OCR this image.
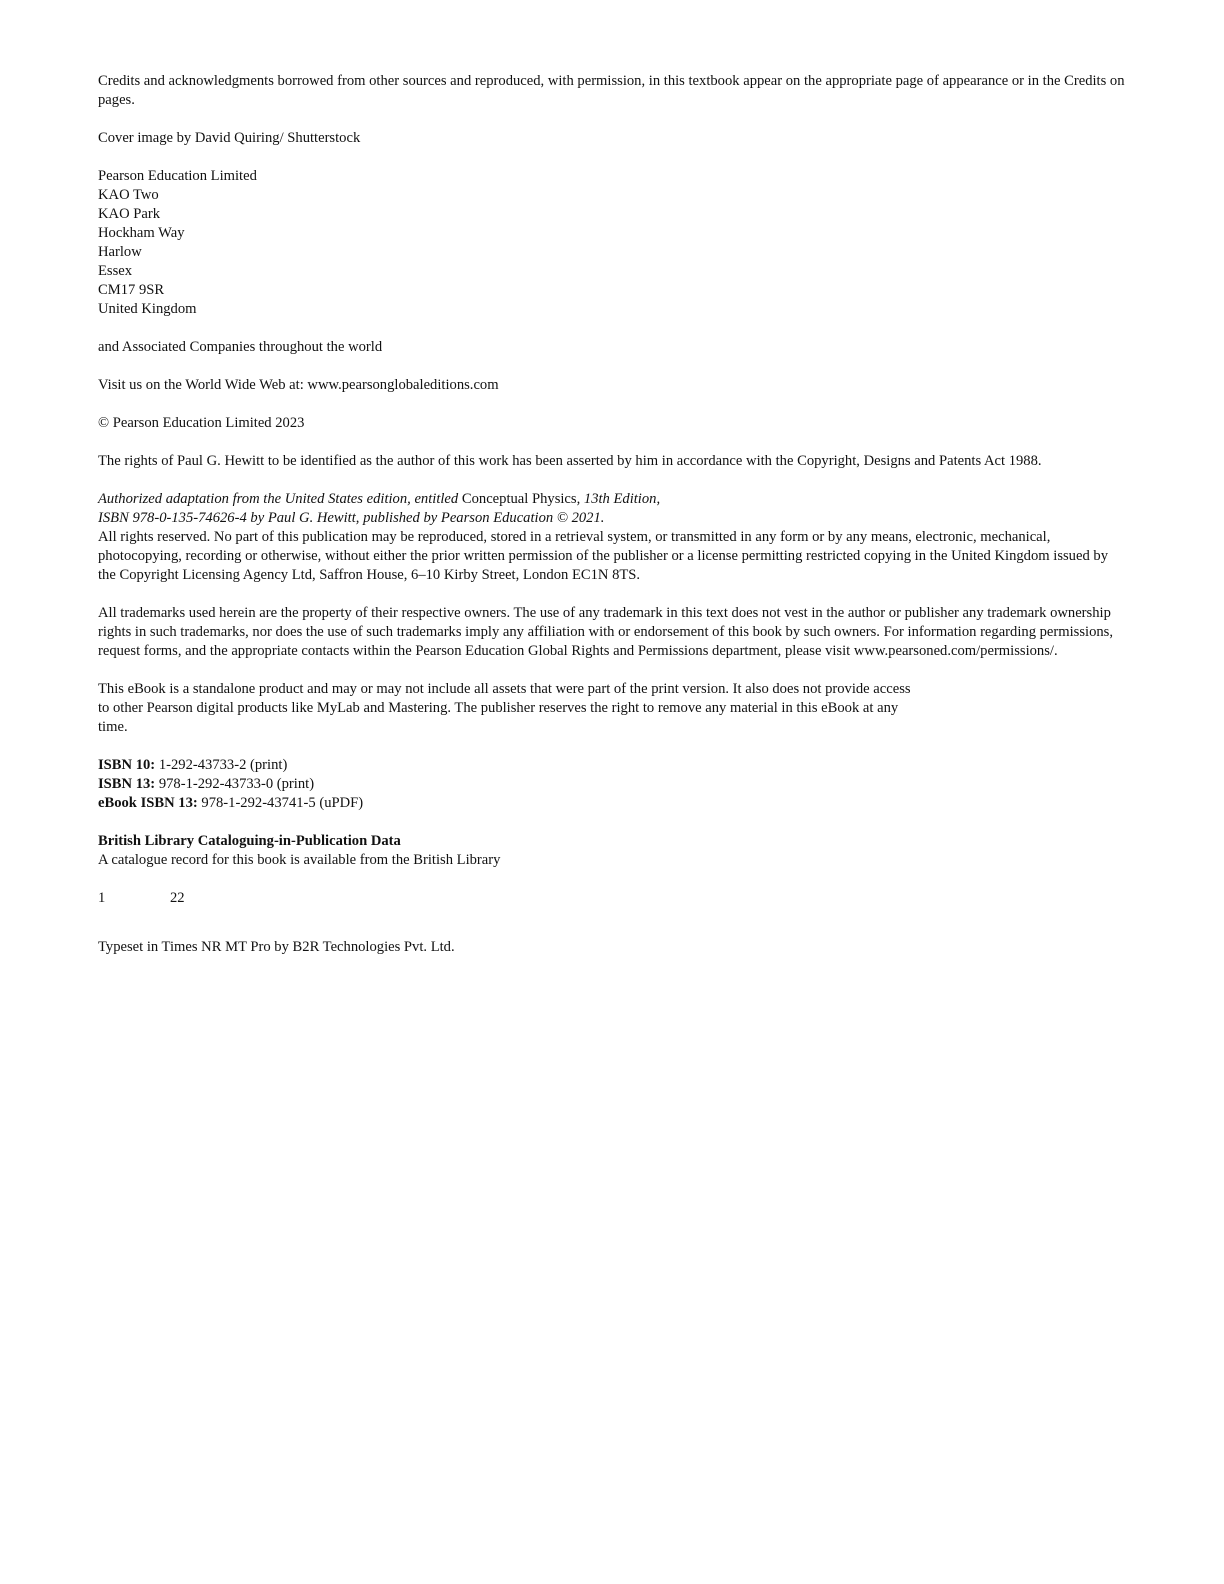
Credits and acknowledgments borrowed from other sources and reproduced, with permission, in this textbook appear on the appropriate page of appearance or in the Credits on pages.

Cover image by David Quiring/ Shutterstock

Pearson Education Limited
KAO Two
KAO Park
Hockham Way
Harlow
Essex
CM17 9SR
United Kingdom

and Associated Companies throughout the world

Visit us on the World Wide Web at: www.pearsonglobaleditions.com

© Pearson Education Limited 2023

The rights of Paul G. Hewitt to be identified as the author of this work has been asserted by him in accordance with the Copyright, Designs and Patents Act 1988.

Authorized adaptation from the United States edition, entitled Conceptual Physics, 13th Edition,
ISBN 978-0-135-74626-4 by Paul G. Hewitt, published by Pearson Education © 2021.
All rights reserved. No part of this publication may be reproduced, stored in a retrieval system, or transmitted in any form or by any means, electronic, mechanical, photocopying, recording or otherwise, without either the prior written permission of the publisher or a license permitting restricted copying in the United Kingdom issued by the Copyright Licensing Agency Ltd, Saffron House, 6–10 Kirby Street, London EC1N 8TS.

All trademarks used herein are the property of their respective owners. The use of any trademark in this text does not vest in the author or publisher any trademark ownership rights in such trademarks, nor does the use of such trademarks imply any affiliation with or endorsement of this book by such owners. For information regarding permissions, request forms, and the appropriate contacts within the Pearson Education Global Rights and Permissions department, please visit www.pearsoned.com/permissions/.

This eBook is a standalone product and may or may not include all assets that were part of the print version. It also does not provide access
to other Pearson digital products like MyLab and Mastering. The publisher reserves the right to remove any material in this eBook at any
time.
ISBN 10: 1-292-43733-2 (print)
ISBN 13: 978-1-292-43733-0 (print)
eBook ISBN 13: 978-1-292-43741-5 (uPDF)
British Library Cataloguing-in-Publication Data
A catalogue record for this book is available from the British Library
1	22

Typeset in Times NR MT Pro by B2R Technologies Pvt. Ltd.
